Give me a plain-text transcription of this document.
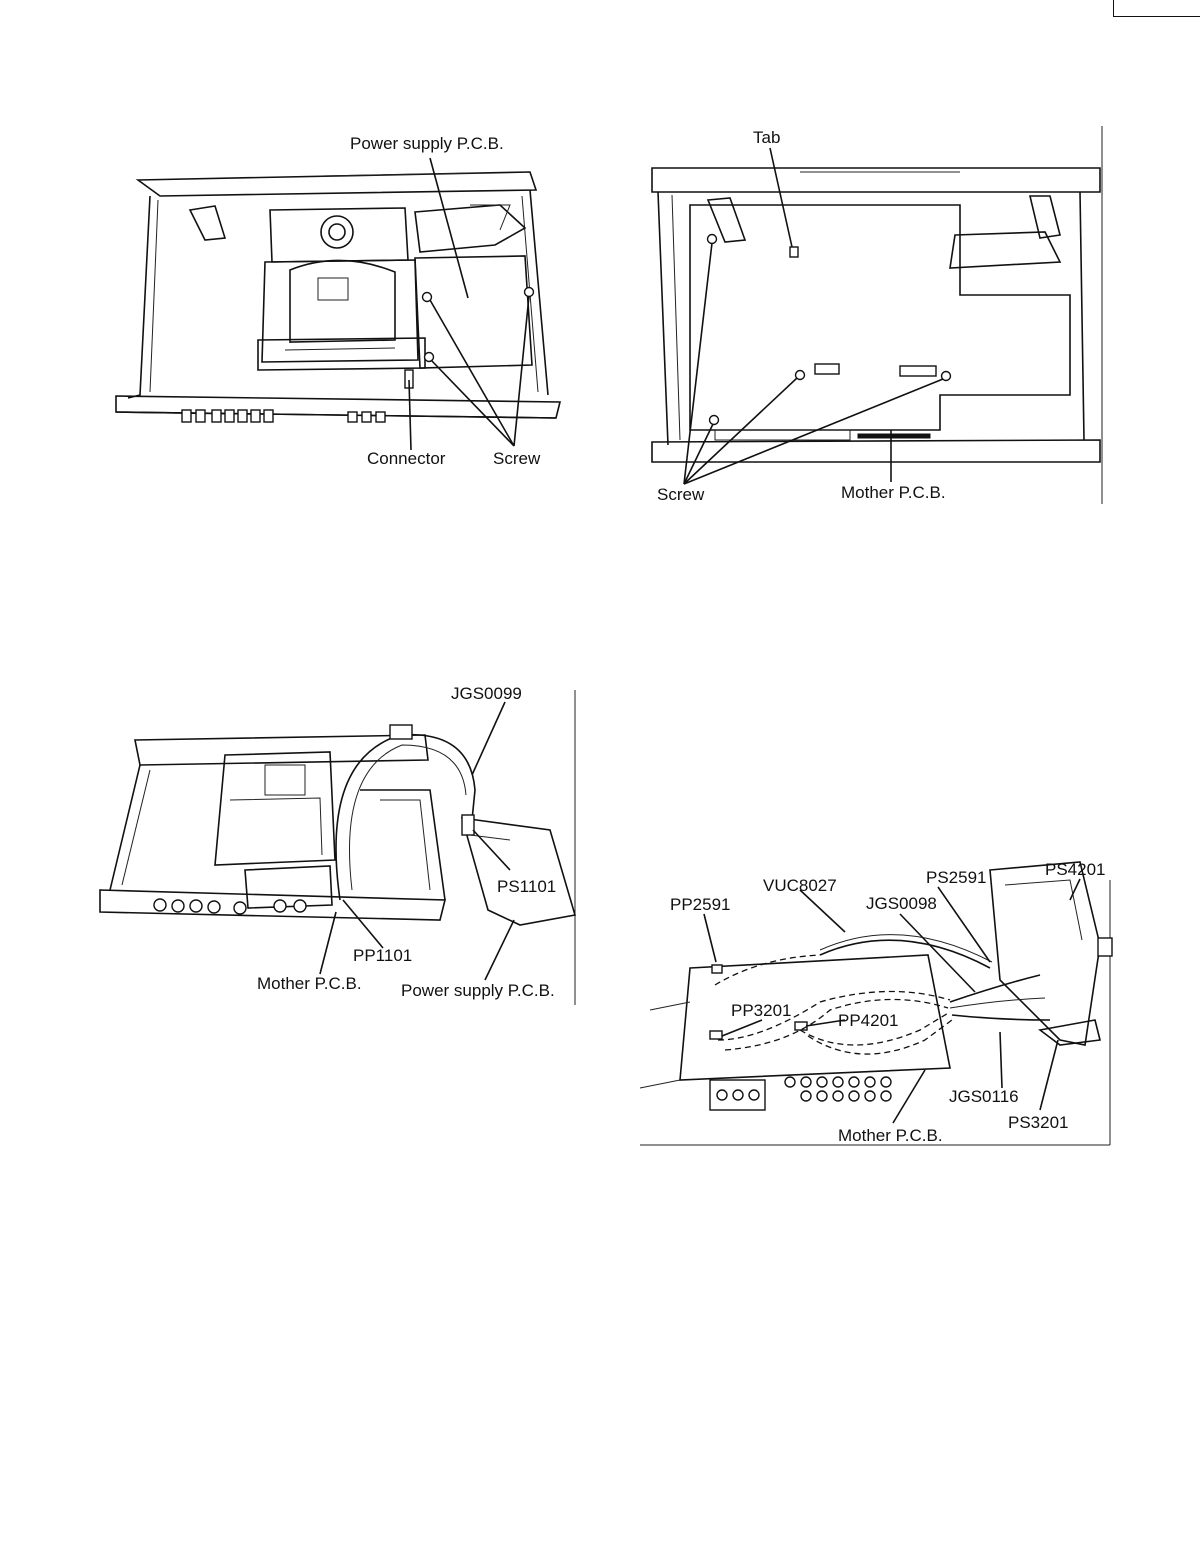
Power supply P.C.B.
Connector	Screw
Tab
Screw	Mother P.C.B.
JGS0099
PS1101
PP1101
Mother P.C.B. Power supply P.C.B.
VUC8027	PS2591	PS4201
PP2591	JGS0098
PP3201
PP4201
JGS0116
PS3201
Mother P.C.B.
